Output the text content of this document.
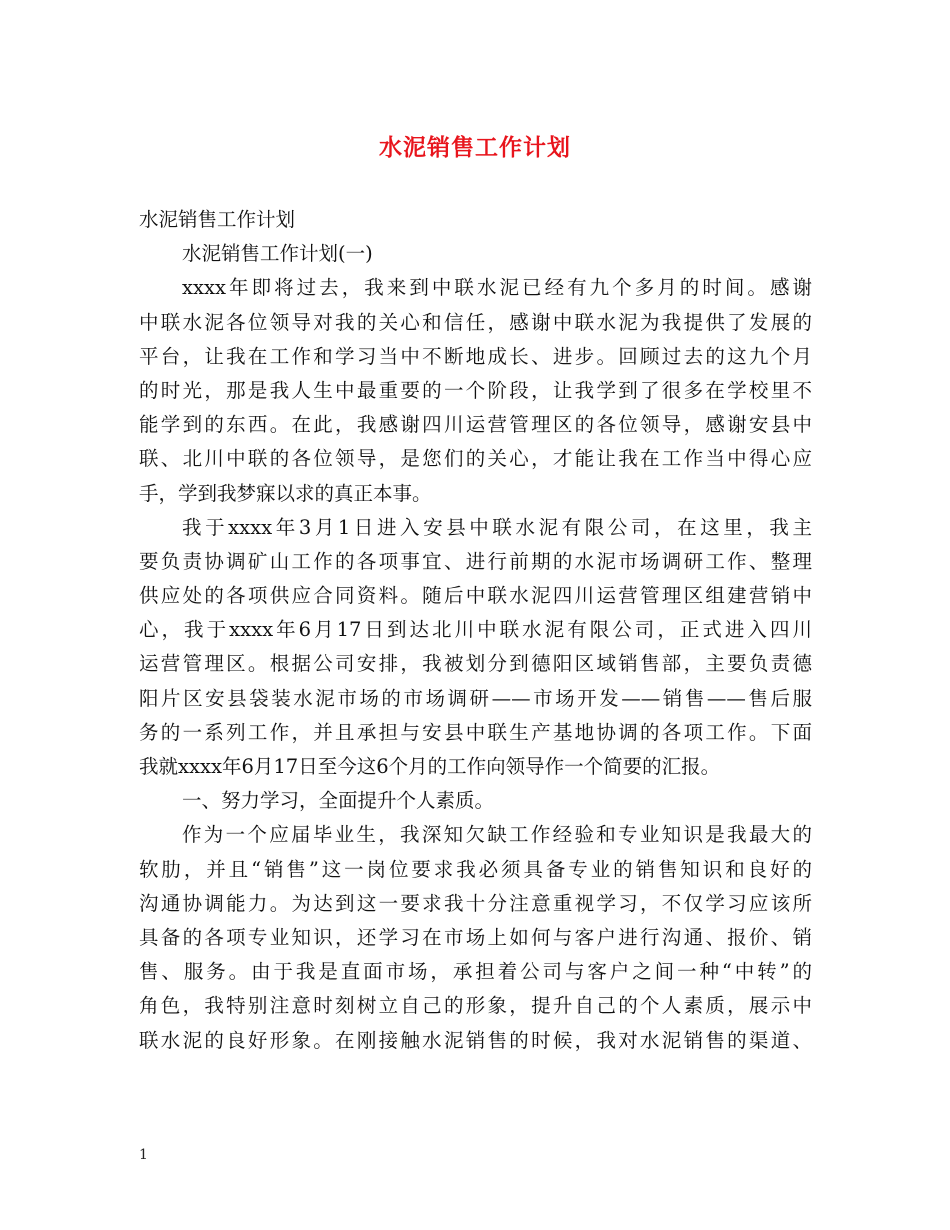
水泥销售工作计划
水泥销售工作计划
水泥销售工作计划(一)
xxxx年即将过去，我来到中联水泥已经有九个多月的时间。感谢
中联水泥各位领导对我的关心和信任，感谢中联水泥为我提供了发展的
平台，让我在工作和学习当中不断地成长、进步。回顾过去的这九个月
的时光，那是我人生中最重要的一个阶段，让我学到了很多在学校里不
能学到的东西。在此，我感谢四川运营管理区的各位领导，感谢安县中
联、北川中联的各位领导，是您们的关心，才能让我在工作当中得心应
手，学到我梦寐以求的真正本事。
我于xxxx年3月1日进入安县中联水泥有限公司，在这里，我主
要负责协调矿山工作的各项事宜、进行前期的水泥市场调研工作、整理
供应处的各项供应合同资料。随后中联水泥四川运营管理区组建营销中
心，我于xxxx年6月17日到达北川中联水泥有限公司，正式进入四川
运营管理区。根据公司安排，我被划分到德阳区域销售部，主要负责德
阳片区安县袋装水泥市场的市场调研——市场开发——销售——售后服
务的一系列工作，并且承担与安县中联生产基地协调的各项工作。下面
我就xxxx年6月17日至今这6个月的工作向领导作一个简要的汇报。
一、努力学习，全面提升个人素质。
作为一个应届毕业生，我深知欠缺工作经验和专业知识是我最大的
软肋，并且“销售”这一岗位要求我必须具备专业的销售知识和良好的
沟通协调能力。为达到这一要求我十分注意重视学习，不仅学习应该所
具备的各项专业知识，还学习在市场上如何与客户进行沟通、报价、销
售、服务。由于我是直面市场，承担着公司与客户之间一种“中转”的
角色，我特别注意时刻树立自己的形象，提升自己的个人素质，展示中
联水泥的良好形象。在刚接触水泥销售的时候，我对水泥销售的渠道、
1
